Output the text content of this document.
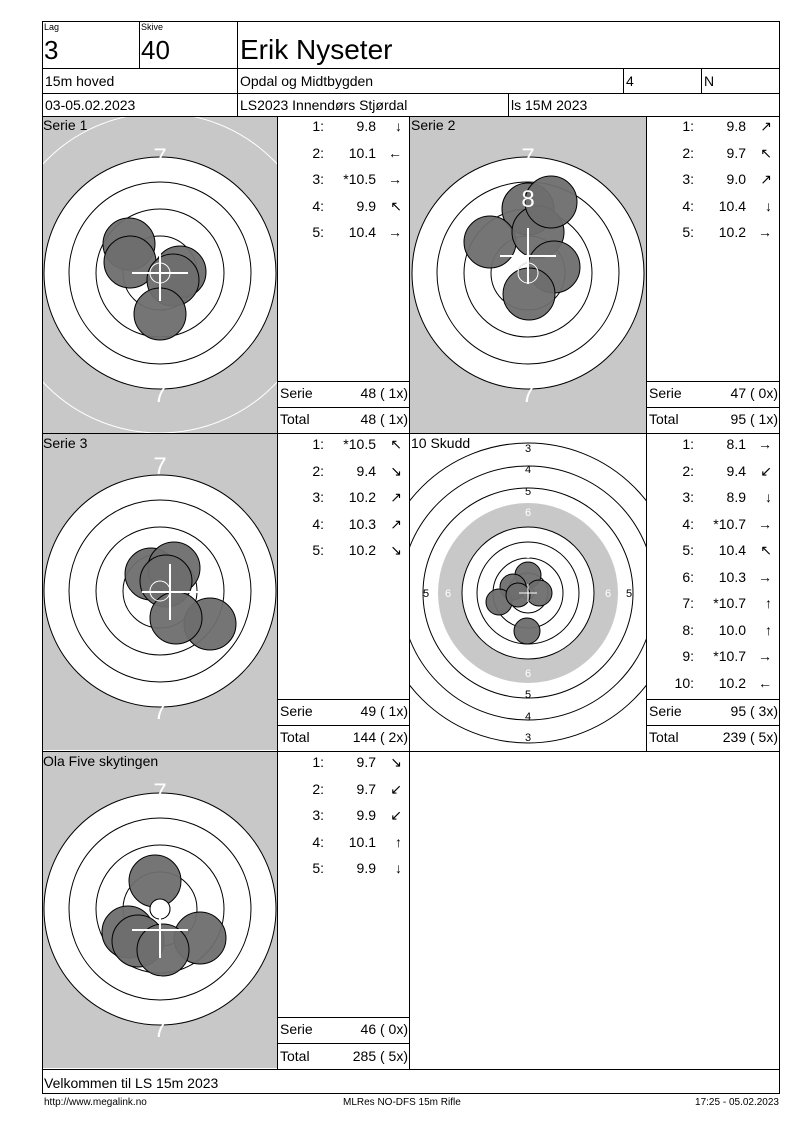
Lag
3
Skive
40	Erik Nyseter
15m hoved	Opdal og Midtbygden	4	N
03-05.02.2023	LS2023 Innendørs Stjørdal	ls 15M 2023
7
8
8	8
8
7
7
8
8	8
8
7
7
8
8	8
8
7
3
4
5
5	5
5
4
3
6
6	6
6
7
7
7
8
8
7
8
8	8
8
7
Serie 1	Serie 2
Serie 3	10 Skudd
Ola Five skytingen
1: 9.8 ↓
2: 10.1 ←
3: *10.5 →
4: 9.9 ↖
5: 10.4 →
1: 9.8 ↗
2: 9.7 ↖
3: 9.0 ↗
4: 10.4 ↓
5: 10.2 →
1: *10.5 ↖
2: 9.4 ↘
3: 10.2 ↗
4: 10.3 ↗
5: 10.2 ↘
1: 8.1 →
2: 9.4 ↙
3: 8.9 ↓
4: *10.7 →
5: 10.4 ↖
6: 10.3 →
7: *10.7 ↑
8: 10.0 ↑
9: *10.7 →
10: 10.2 ←
1: 9.7 ↘
2: 9.7 ↙
3: 9.9 ↙
4: 10.1 ↑
5: 9.9 ↓
Serie	48 ( 1x)
Total	48 ( 1x)
Serie	47 ( 0x)
Total	95 ( 1x)
Serie	49 ( 1x)
Total	144 ( 2x)
Serie	95 ( 3x)
Total	239 ( 5x)
Serie	46 ( 0x)
Total	285 ( 5x)
Velkommen til LS 15m 2023
http://www.megalink.no	MLRes NO-DFS 15m Rifle	17:25 - 05.02.2023
